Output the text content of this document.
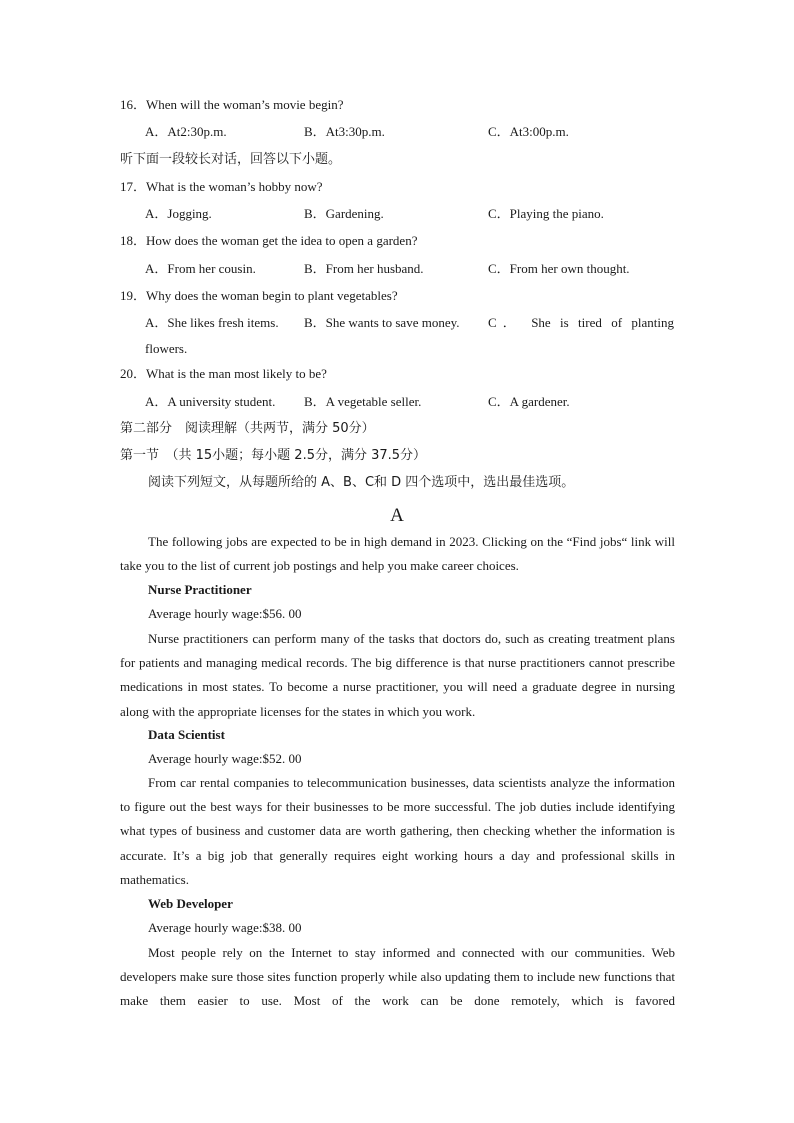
16．When will the woman’s movie begin?
A．At2:30p.m.	B．At3:30p.m.	C．At3:00p.m.
听下面一段较长对话，回答以下小题。
17．What is the woman’s hobby now?
A．Jogging.	B．Gardening.	C．Playing the piano.
18．How does the woman get the idea to open a garden?
A．From her cousin.	B．From her husband.	C．From her own thought.
19．Why does the woman begin to plant vegetables?
A．She likes fresh items. B．She wants to save money. C． She is tired of planting
flowers.
20．What is the man most likely to be?
A．A university student. B．A vegetable seller.	C．A gardener.
第二部分　阅读理解（共两节，满分 50分）
第一节　（共 15小题；每小题 2.5分，满分 37.5分）
阅读下列短文，从每题所给的 A、B、C和 D 四个选项中，选出最佳选项。
A
The following jobs are expected to be in high demand in 2023. Clicking on the “Find jobs“ link will take you to the list of current job postings and help you make career choices.
Nurse Practitioner
Average hourly wage:$56. 00
Nurse practitioners can perform many of the tasks that doctors do, such as creating treatment plans for patients and managing medical records. The big difference is that nurse practitioners cannot prescribe medications in most states. To become a nurse practitioner, you will need a graduate degree in nursing along with the appropriate licenses for the states in which you work.
Data Scientist
Average hourly wage:$52. 00
From car rental companies to telecommunication businesses, data scientists analyze the information to figure out the best ways for their businesses to be more successful. The job duties include identifying what types of business and customer data are worth gathering, then checking whether the information is accurate. It’s a big job that generally requires eight working hours a day and professional skills in mathematics.
Web Developer
Average hourly wage:$38. 00
Most people rely on the Internet to stay informed and connected with our communities. Web developers make sure those sites function properly while also updating them to include new functions that make them easier to use. Most of the work can be done remotely, which is favored
